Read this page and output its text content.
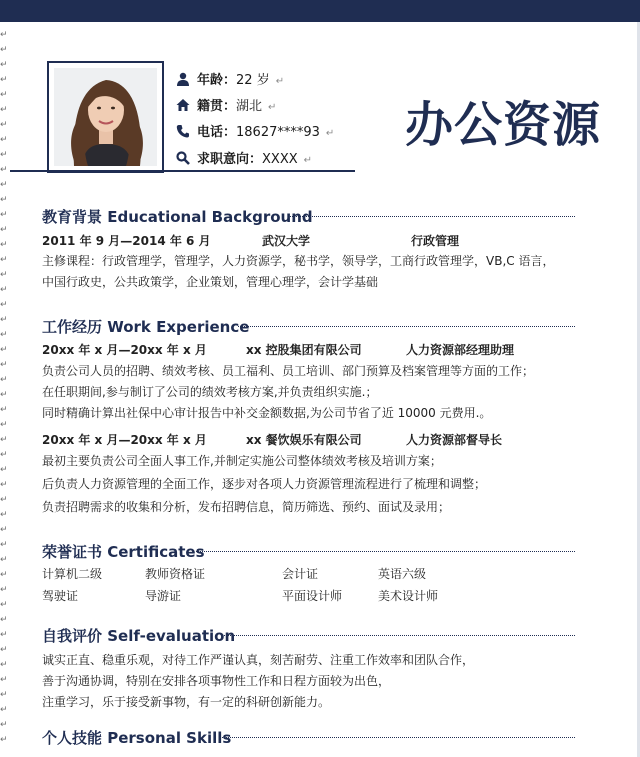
↵
↵
↵
↵
↵
↵
↵
↵
↵
↵
↵
↵
↵
↵
↵
↵
↵
↵
↵
↵
↵
↵
↵
↵
↵
↵
↵
↵
↵
↵
↵
↵
↵
↵
↵
↵
↵
↵
↵
↵
↵
↵
↵
↵
↵
↵
↵
↵
年龄：22 岁 ↵
籍贯：湖北 ↵
电话：18627****93 ↵
求职意向：XXXX ↵
办公资源
教育背景 Educational Background
2011 年 9 月—2014 年 6 月	武汉大学	行政管理
主修课程：行政管理学，管理学，人力资源学，秘书学，领导学，工商行政管理学，VB,C 语言，
中国行政史，公共政策学，企业策划，管理心理学，会计学基础
工作经历 Work Experience
20xx 年 x 月—20xx 年 x 月	xx 控股集团有限公司	人力资源部经理助理
负责公司人员的招聘、绩效考核、员工福利、员工培训、部门预算及档案管理等方面的工作；
在任职期间,参与制订了公司的绩效考核方案,并负责组织实施.；
同时精确计算出社保中心审计报告中补交金额数据,为公司节省了近 10000 元费用.。
20xx 年 x 月—20xx 年 x 月	xx 餐饮娱乐有限公司	人力资源部督导长
最初主要负责公司全面人事工作,并制定实施公司整体绩效考核及培训方案；
后负责人力资源管理的全面工作，逐步对各项人力资源管理流程进行了梳理和调整；
负责招聘需求的收集和分析，发布招聘信息，简历筛选、预约、面试及录用；
荣誉证书 Certificates
计算机二级	教师资格证	会计证	英语六级
驾驶证	导游证	平面设计师	美术设计师
自我评价 Self-evaluation
诚实正直、稳重乐观，对待工作严谨认真，刻苦耐劳、注重工作效率和团队合作，
善于沟通协调，特别在安排各项事物性工作和日程方面较为出色，
注重学习，乐于接受新事物，有一定的科研创新能力。
个人技能 Personal Skills
